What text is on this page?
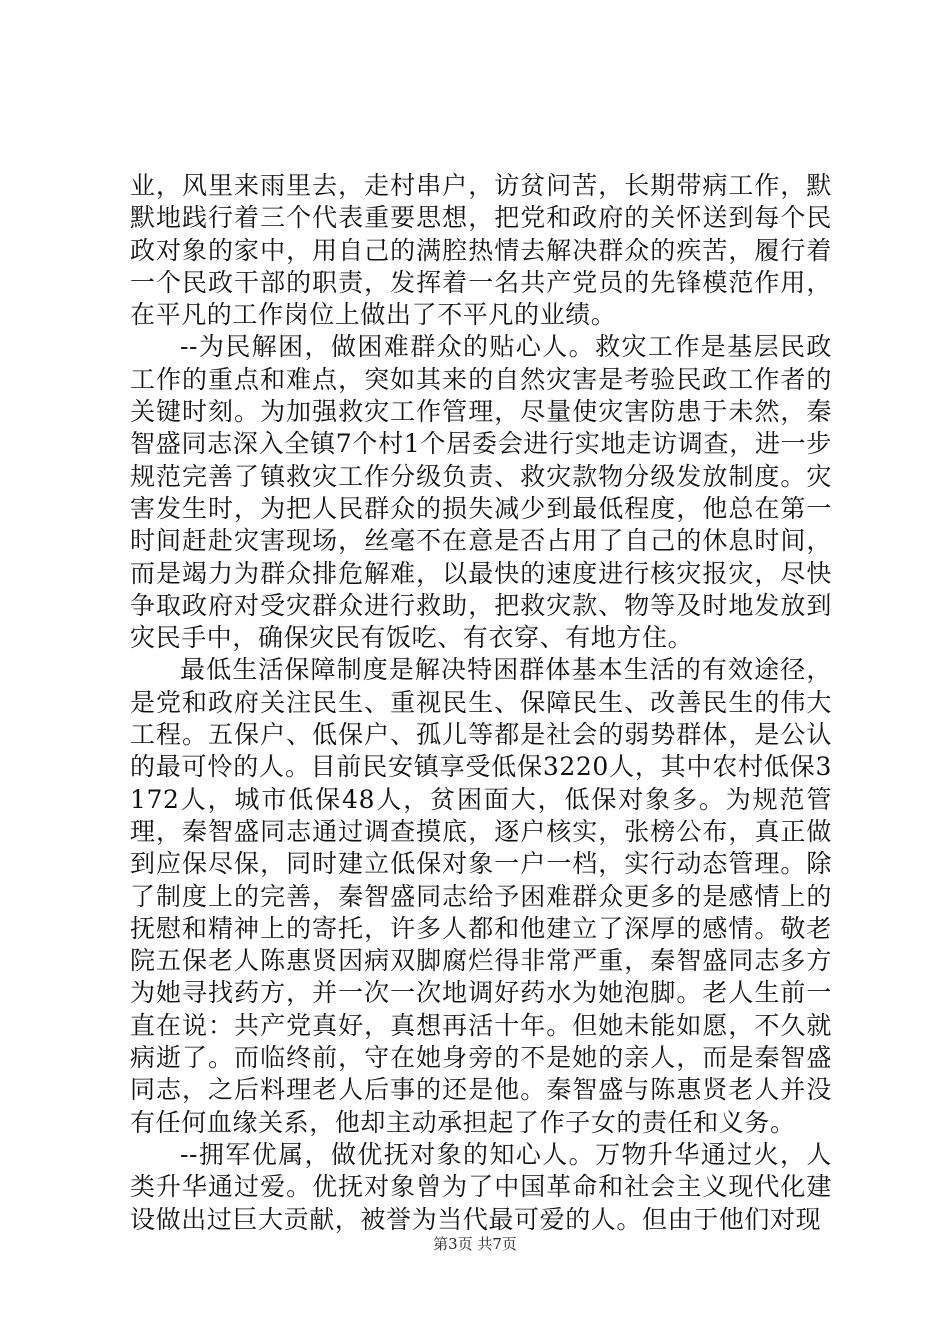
业，风里来雨里去，走村串户，访贫问苦，长期带病工作，默默地践行着三个代表重要思想，把党和政府的关怀送到每个民政对象的家中，用自己的满腔热情去解决群众的疾苦，履行着一个民政干部的职责，发挥着一名共产党员的先锋模范作用，在平凡的工作岗位上做出了不平凡的业绩。

--为民解困，做困难群众的贴心人。救灾工作是基层民政工作的重点和难点，突如其来的自然灾害是考验民政工作者的关键时刻。为加强救灾工作管理，尽量使灾害防患于未然，秦智盛同志深入全镇7个村1个居委会进行实地走访调查，进一步规范完善了镇救灾工作分级负责、救灾款物分级发放制度。灾害发生时，为把人民群众的损失减少到最低程度，他总在第一时间赶赴灾害现场，丝毫不在意是否占用了自己的休息时间，而是竭力为群众排危解难，以最快的速度进行核灾报灾，尽快争取政府对受灾群众进行救助，把救灾款、物等及时地发放到灾民手中，确保灾民有饭吃、有衣穿、有地方住。

最低生活保障制度是解决特困群体基本生活的有效途径，是党和政府关注民生、重视民生、保障民生、改善民生的伟大工程。五保户、低保户、孤儿等都是社会的弱势群体，是公认的最可怜的人。目前民安镇享受低保3220人，其中农村低保3172人，城市低保48人，贫困面大，低保对象多。为规范管理，秦智盛同志通过调查摸底，逐户核实，张榜公布，真正做到应保尽保，同时建立低保对象一户一档，实行动态管理。除了制度上的完善，秦智盛同志给予困难群众更多的是感情上的抚慰和精神上的寄托，许多人都和他建立了深厚的感情。敬老院五保老人陈惠贤因病双脚腐烂得非常严重，秦智盛同志多方为她寻找药方，并一次一次地调好药水为她泡脚。老人生前一直在说：共产党真好，真想再活十年。但她未能如愿，不久就病逝了。而临终前，守在她身旁的不是她的亲人，而是秦智盛同志，之后料理老人后事的还是他。秦智盛与陈惠贤老人并没有任何血缘关系，他却主动承担起了作子女的责任和义务。

--拥军优属，做优抚对象的知心人。万物升华通过火，人类升华通过爱。优抚对象曾为了中国革命和社会主义现代化建设做出过巨大贡献，被誉为当代最可爱的人。但由于他们对现

第3页 共7页
